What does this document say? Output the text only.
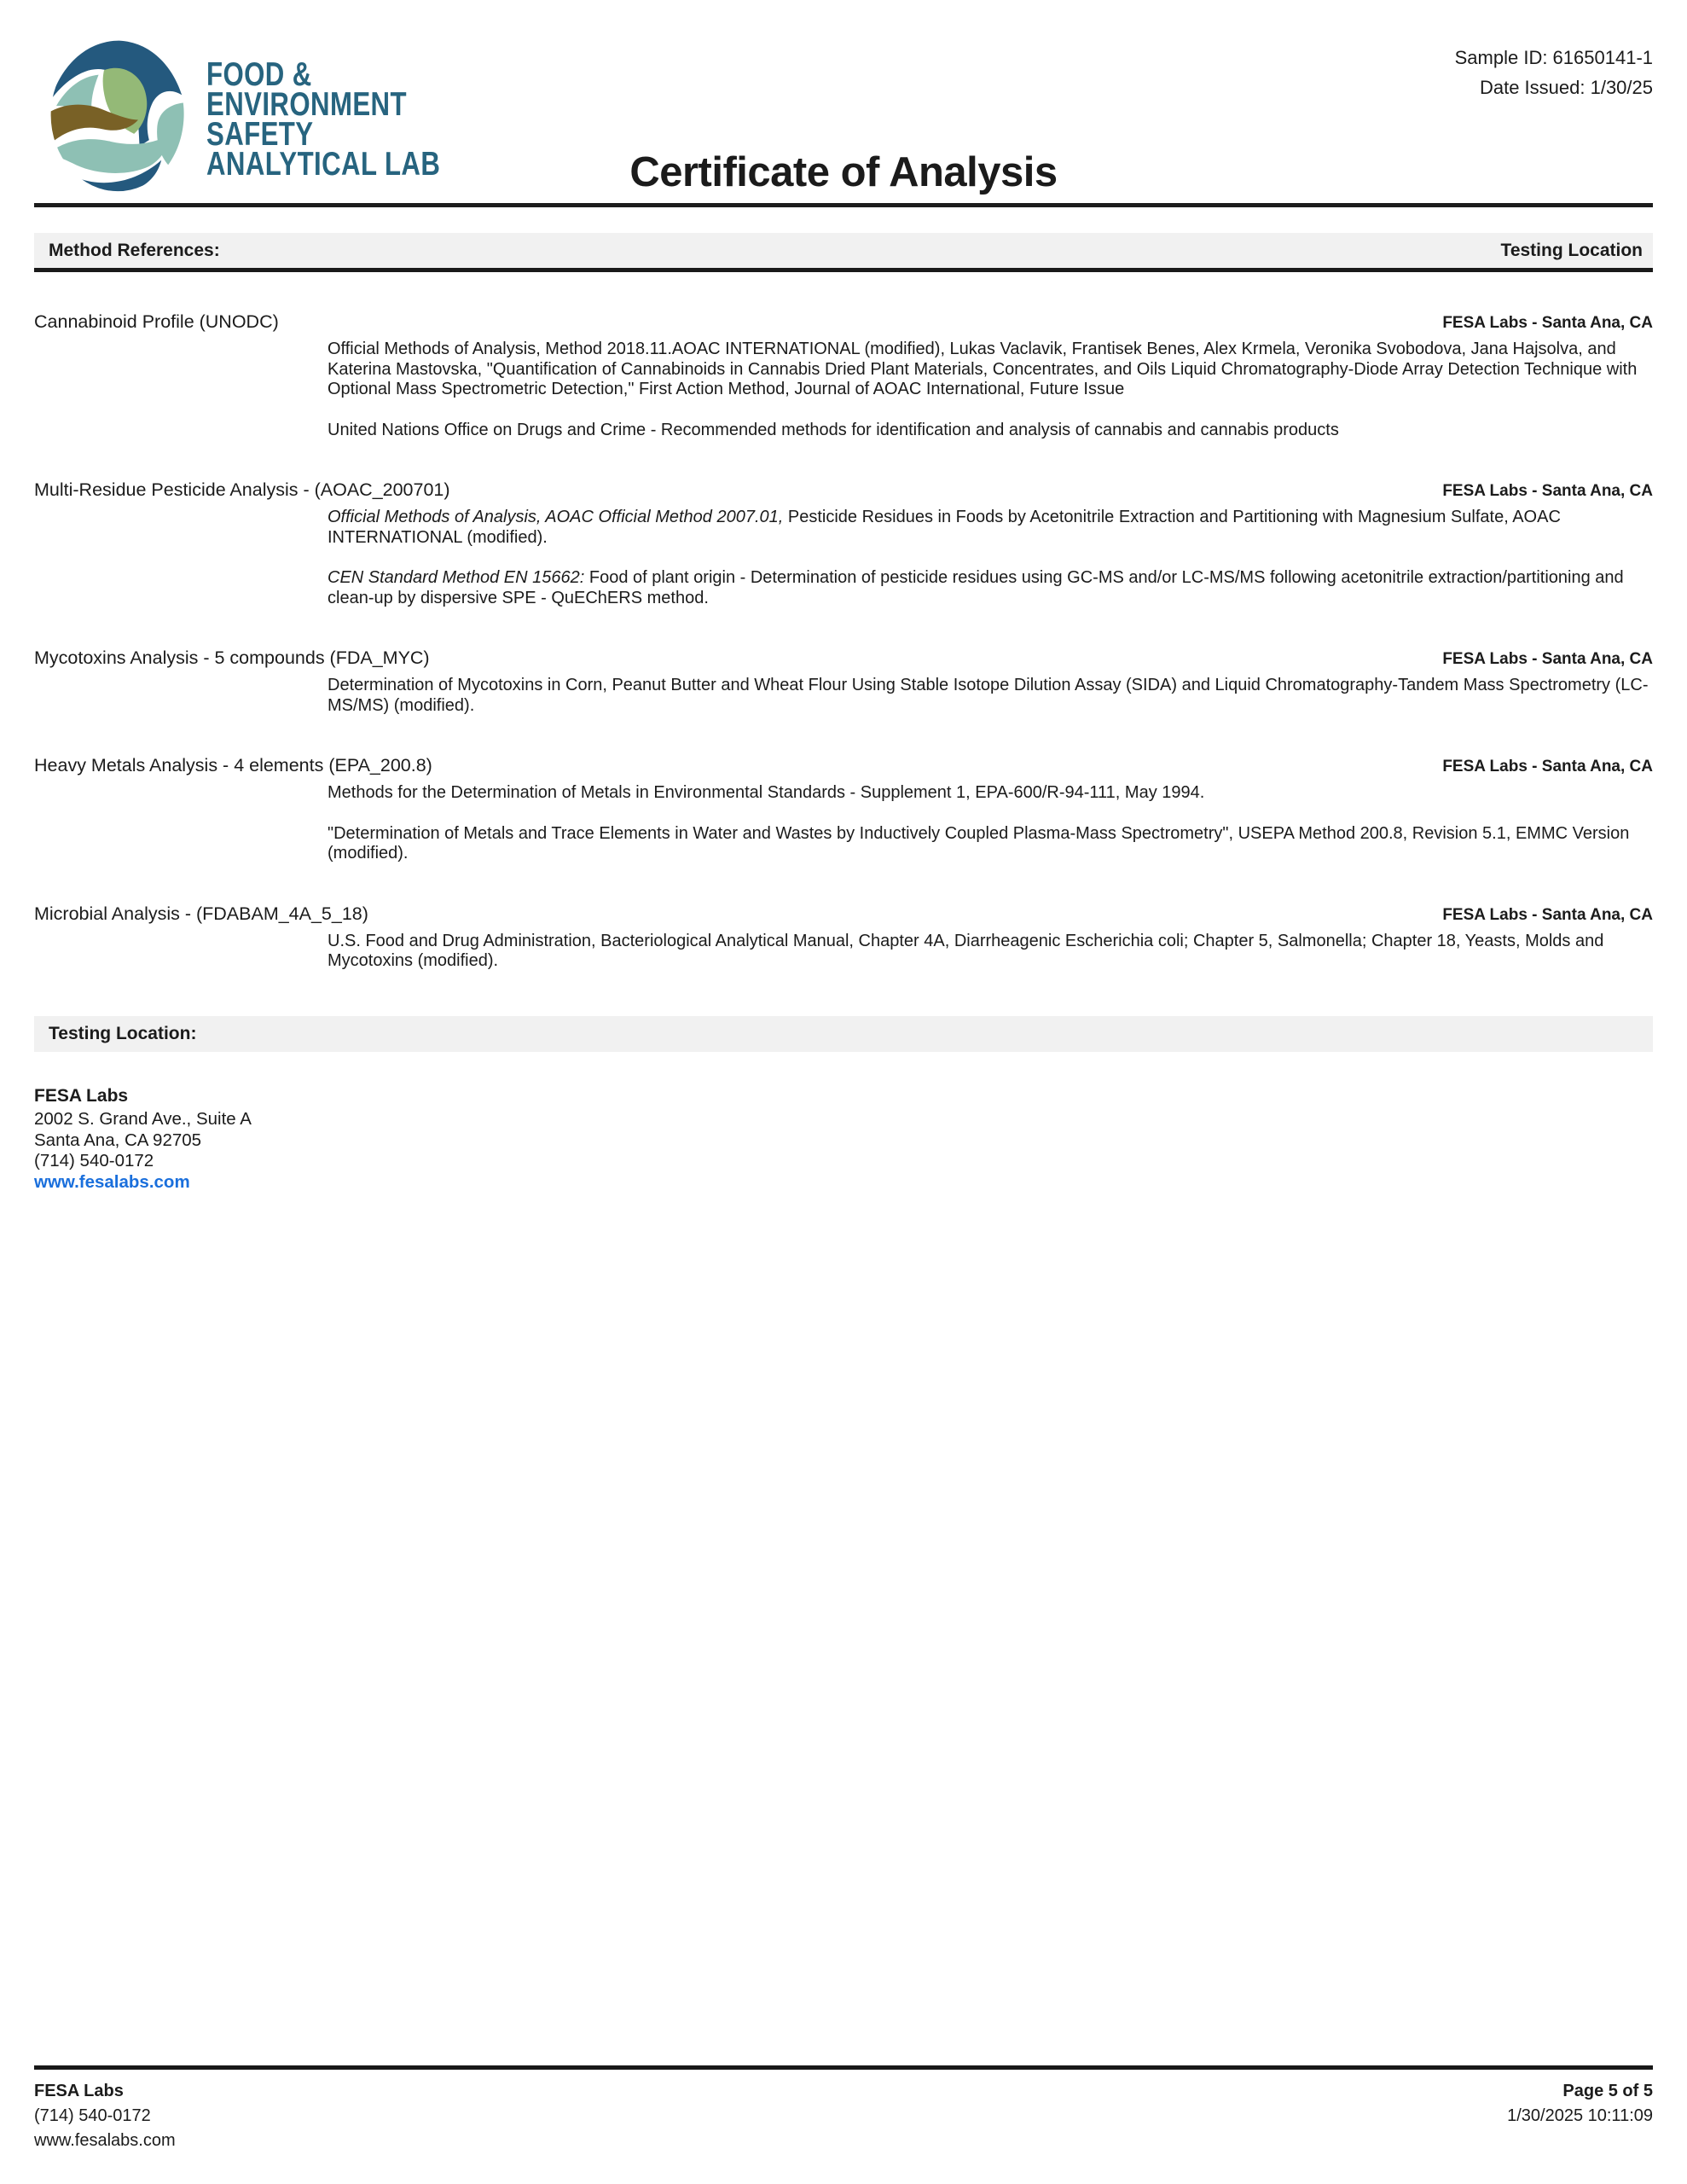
FOOD &
ENVIRONMENT
SAFETY
ANALYTICAL LAB
Sample ID: 61650141-1
Date Issued: 1/30/25
Certificate of Analysis
Method References:	Testing Location
Cannabinoid Profile (UNODC)	FESA Labs - Santa Ana, CA
Official Methods of Analysis, Method 2018.11.AOAC INTERNATIONAL (modified), Lukas Vaclavik, Frantisek Benes, Alex Krmela, Veronika Svobodova, Jana Hajsolva, and Katerina Mastovska, "Quantification of Cannabinoids in Cannabis Dried Plant Materials, Concentrates, and Oils Liquid Chromatography-Diode Array Detection Technique with Optional Mass Spectrometric Detection," First Action Method, Journal of AOAC International, Future Issue
United Nations Office on Drugs and Crime - Recommended methods for identification and analysis of cannabis and cannabis products
Multi-Residue Pesticide Analysis - (AOAC_200701)	FESA Labs - Santa Ana, CA
Official Methods of Analysis, AOAC Official Method 2007.01, Pesticide Residues in Foods by Acetonitrile Extraction and Partitioning with Magnesium Sulfate, AOAC INTERNATIONAL (modified).
CEN Standard Method EN 15662: Food of plant origin - Determination of pesticide residues using GC-MS and/or LC-MS/MS following acetonitrile extraction/partitioning and clean-up by dispersive SPE - QuEChERS method.
Mycotoxins Analysis - 5 compounds (FDA_MYC)	FESA Labs - Santa Ana, CA
Determination of Mycotoxins in Corn, Peanut Butter and Wheat Flour Using Stable Isotope Dilution Assay (SIDA) and Liquid Chromatography-Tandem Mass Spectrometry (LC-MS/MS) (modified).
Heavy Metals Analysis - 4 elements (EPA_200.8)	FESA Labs - Santa Ana, CA
Methods for the Determination of Metals in Environmental Standards - Supplement 1, EPA-600/R-94-111, May 1994.
"Determination of Metals and Trace Elements in Water and Wastes by Inductively Coupled Plasma-Mass Spectrometry", USEPA Method 200.8, Revision 5.1, EMMC Version (modified).
Microbial Analysis - (FDABAM_4A_5_18)	FESA Labs - Santa Ana, CA
U.S. Food and Drug Administration, Bacteriological Analytical Manual, Chapter 4A, Diarrheagenic Escherichia coli; Chapter 5, Salmonella; Chapter 18, Yeasts, Molds and Mycotoxins (modified).
Testing Location:
FESA Labs
2002 S. Grand Ave., Suite A
Santa Ana, CA 92705
(714) 540-0172
www.fesalabs.com
FESA Labs
(714) 540-0172
www.fesalabs.com
Page 5 of 5
1/30/2025 10:11:09
